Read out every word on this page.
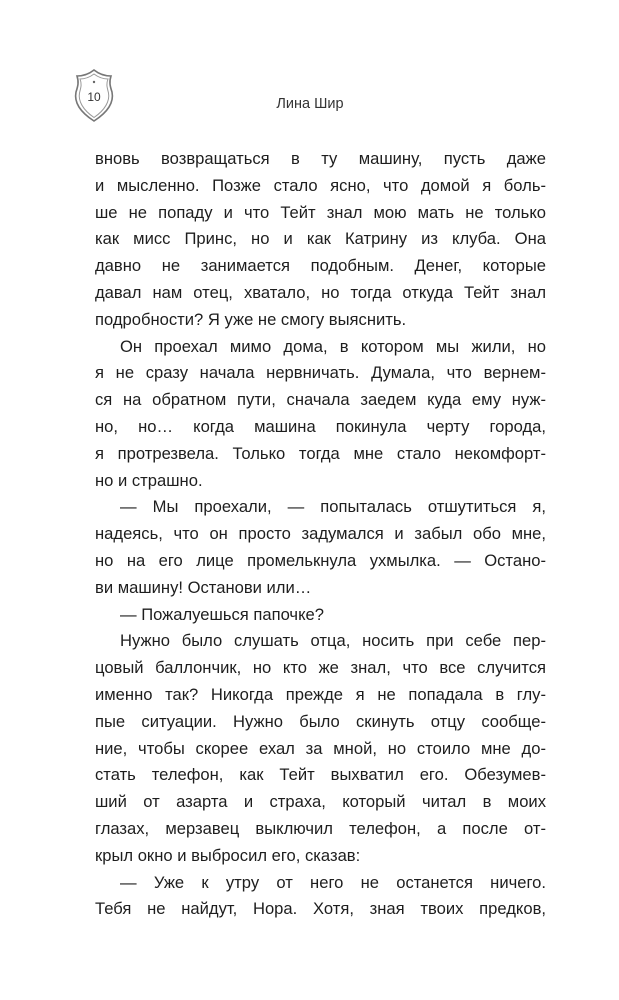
10	Лина Шир
вновь возвращаться в ту машину, пусть даже
и мысленно. Позже стало ясно, что домой я боль-
ше не попаду и что Тейт знал мою мать не только
как мисс Принс, но и как Катрину из клуба. Она
давно не занимается подобным. Денег, которые
давал нам отец, хватало, но тогда откуда Тейт знал
подробности? Я уже не смогу выяснить.
Он проехал мимо дома, в котором мы жили, но
я не сразу начала нервничать. Думала, что вернем-
ся на обратном пути, сначала заедем куда ему нуж-
но, но… когда машина покинула черту города,
я протрезвела. Только тогда мне стало некомфорт-
но и страшно.
— Мы проехали, — попыталась отшутиться я,
надеясь, что он просто задумался и забыл обо мне,
но на его лице промелькнула ухмылка. — Остано-
ви машину! Останови или…
— Пожалуешься папочке?
Нужно было слушать отца, носить при себе пер-
цовый баллончик, но кто же знал, что все случится
именно так? Никогда прежде я не попадала в глу-
пые ситуации. Нужно было скинуть отцу сообще-
ние, чтобы скорее ехал за мной, но стоило мне до-
стать телефон, как Тейт выхватил его. Обезумев-
ший от азарта и страха, который читал в моих
глазах, мерзавец выключил телефон, а после от-
крыл окно и выбросил его, сказав:
— Уже к утру от него не останется ничего.
Тебя не найдут, Нора. Хотя, зная твоих предков,
